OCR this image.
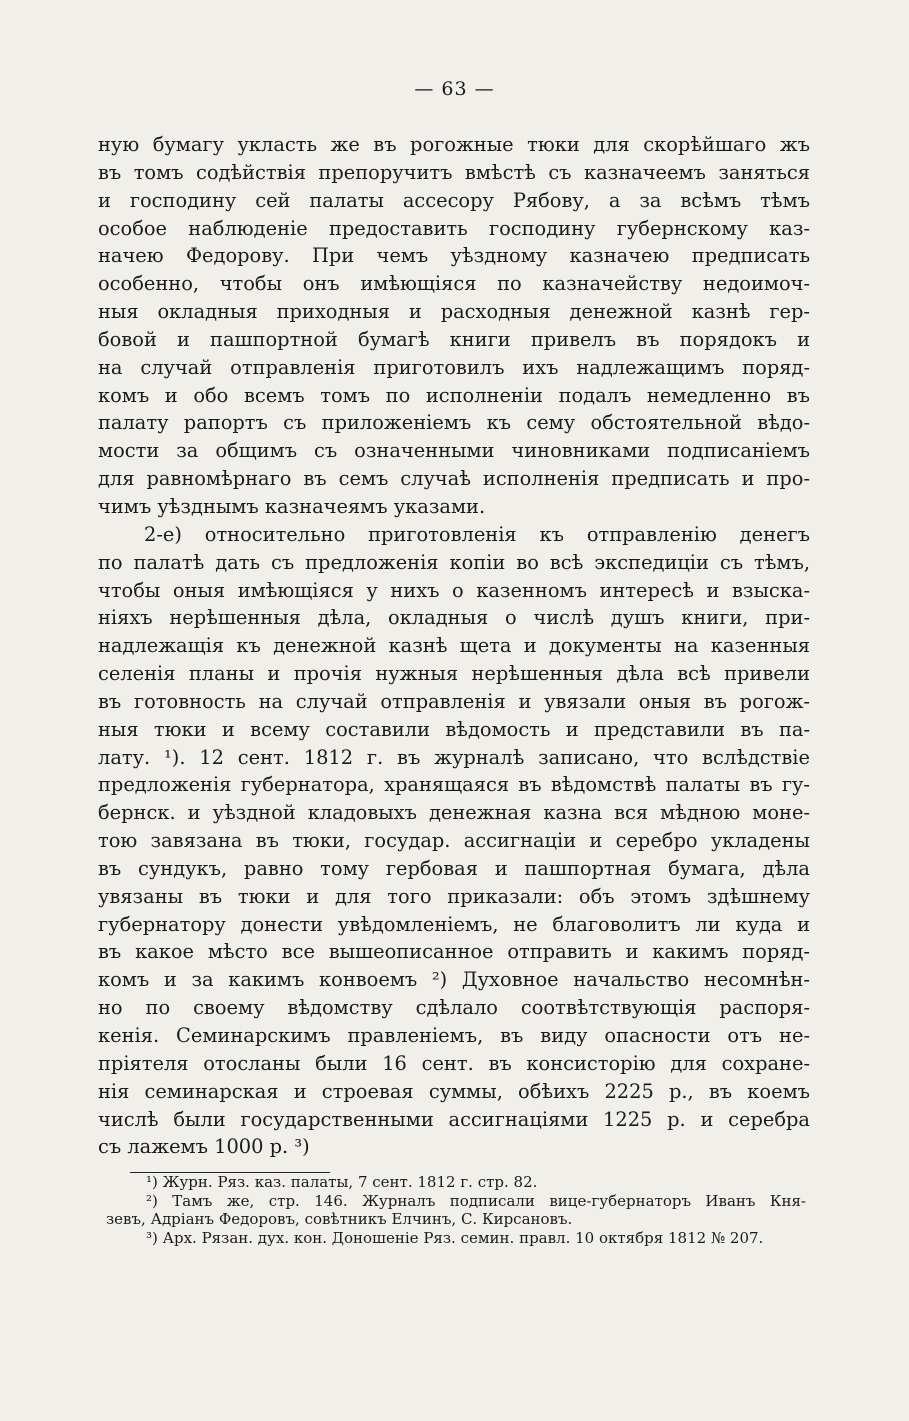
— 63 —
ную бумагу укласть же въ рогожные тюки для скорѣйшаго жъ
въ томъ содѣйствія препоручитъ вмѣстѣ съ казначеемъ заняться
и господину сей палаты ассесору Рябову, а за всѣмъ тѣмъ
особое наблюденіе предоставить господину губернскому каз-
начею Федорову. При чемъ уѣздному казначею предписать
особенно, чтобы онъ имѣющіяся по казначейству недоимоч-
ныя окладныя приходныя и расходныя денежной казнѣ гер-
бовой и пашпортной бумагѣ книги привелъ въ порядокъ и
на случай отправленія приготовилъ ихъ надлежащимъ поряд-
комъ и обо всемъ томъ по исполненіи подалъ немедленно въ
палату рапортъ съ приложеніемъ къ сему обстоятельной вѣдо-
мости за общимъ съ означенными чиновниками подписаніемъ
для равномѣрнаго въ семъ случаѣ исполненія предписать и про-
чимъ уѣзднымъ казначеямъ указами.
2-е) относительно приготовленія къ отправленію денегъ
по палатѣ дать съ предложенія копіи во всѣ экспедиціи съ тѣмъ,
чтобы оныя имѣющіяся у нихъ о казенномъ интересѣ и взыска-
ніяхъ нерѣшенныя дѣла, окладныя о числѣ душъ книги, при-
надлежащія къ денежной казнѣ щета и документы на казенныя
селенія планы и прочія нужныя нерѣшенныя дѣла всѣ привели
въ готовность на случай отправленія и увязали оныя въ рогож-
ныя тюки и всему составили вѣдомость и представили въ па-
лату. ¹). 12 сент. 1812 г. въ журналѣ записано, что вслѣдствіе
предложенія губернатора, хранящаяся въ вѣдомствѣ палаты въ гу-
бернск. и уѣздной кладовыхъ денежная казна вся мѣдною моне-
тою завязана въ тюки, государ. ассигнаціи и серебро укладены
въ сундукъ, равно тому гербовая и пашпортная бумага, дѣла
увязаны въ тюки и для того приказали: объ этомъ здѣшнему
губернатору донести увѣдомленіемъ, не благоволитъ ли куда и
въ какое мѣсто все вышеописанное отправить и какимъ поряд-
комъ и за какимъ конвоемъ ²) Духовное начальство несомнѣн-
но по своему вѣдомству сдѣлало соотвѣтствующія распоря-
кенія. Семинарскимъ правленіемъ, въ виду опасности отъ не-
пріятеля отосланы были 16 сент. въ консисторію для сохране-
нія семинарская и строевая суммы, обѣихъ 2225 р., въ коемъ
числѣ были государственными ассигнаціями 1225 р. и серебра
съ лажемъ 1000 р. ³)
¹) Журн. Ряз. каз. палаты, 7 сент. 1812 г. стр. 82.
²) Тамъ же, стр. 146. Журналъ подписали вице-губернаторъ Иванъ Кня-
зевъ, Адріанъ Федоровъ, совѣтникъ Елчинъ, С. Кирсановъ.
³) Арх. Рязан. дух. кон. Доношеніе Ряз. семин. правл. 10 октября 1812 № 207.
